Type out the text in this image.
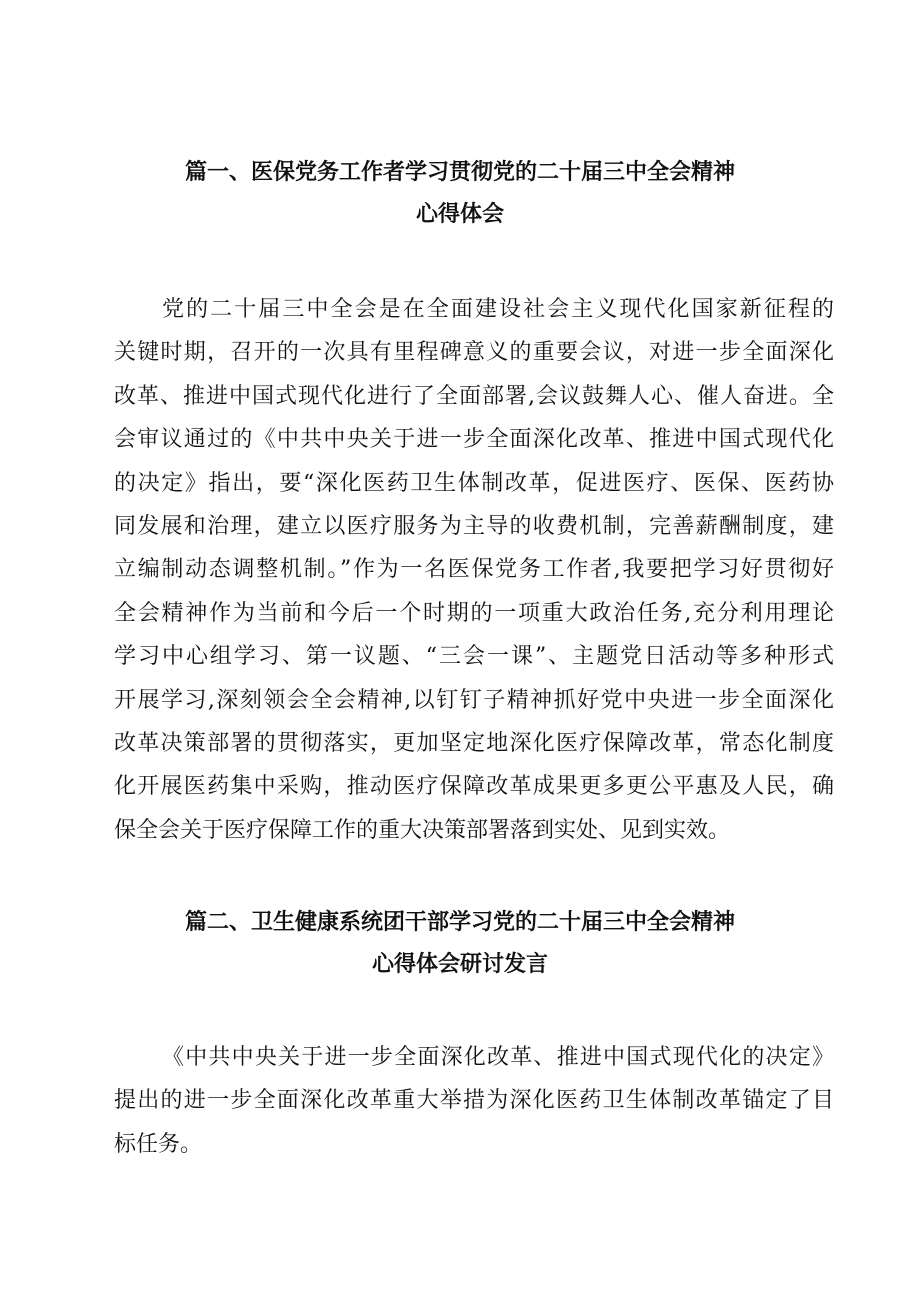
篇一、医保党务工作者学习贯彻党的二十届三中全会精神
心得体会

党的二十届三中全会是在全面建设社会主义现代化国家新征程的
关键时期，召开的一次具有里程碑意义的重要会议，对进一步全面深化
改革、推进中国式现代化进行了全面部署,会议鼓舞人心、催人奋进。全
会审议通过的《中共中央关于进一步全面深化改革、推进中国式现代化
的决定》指出，要“深化医药卫生体制改革，促进医疗、医保、医药协
同发展和治理，建立以医疗服务为主导的收费机制，完善薪酬制度，建
立编制动态调整机制。”作为一名医保党务工作者,我要把学习好贯彻好
全会精神作为当前和今后一个时期的一项重大政治任务,充分利用理论
学习中心组学习、第一议题、“三会一课”、主题党日活动等多种形式
开展学习,深刻领会全会精神,以钉钉子精神抓好党中央进一步全面深化
改革决策部署的贯彻落实，更加坚定地深化医疗保障改革，常态化制度
化开展医药集中采购，推动医疗保障改革成果更多更公平惠及人民，确
保全会关于医疗保障工作的重大决策部署落到实处、见到实效。

篇二、卫生健康系统团干部学习党的二十届三中全会精神
心得体会研讨发言

《中共中央关于进一步全面深化改革、推进中国式现代化的决定》
提出的进一步全面深化改革重大举措为深化医药卫生体制改革锚定了目
标任务。
